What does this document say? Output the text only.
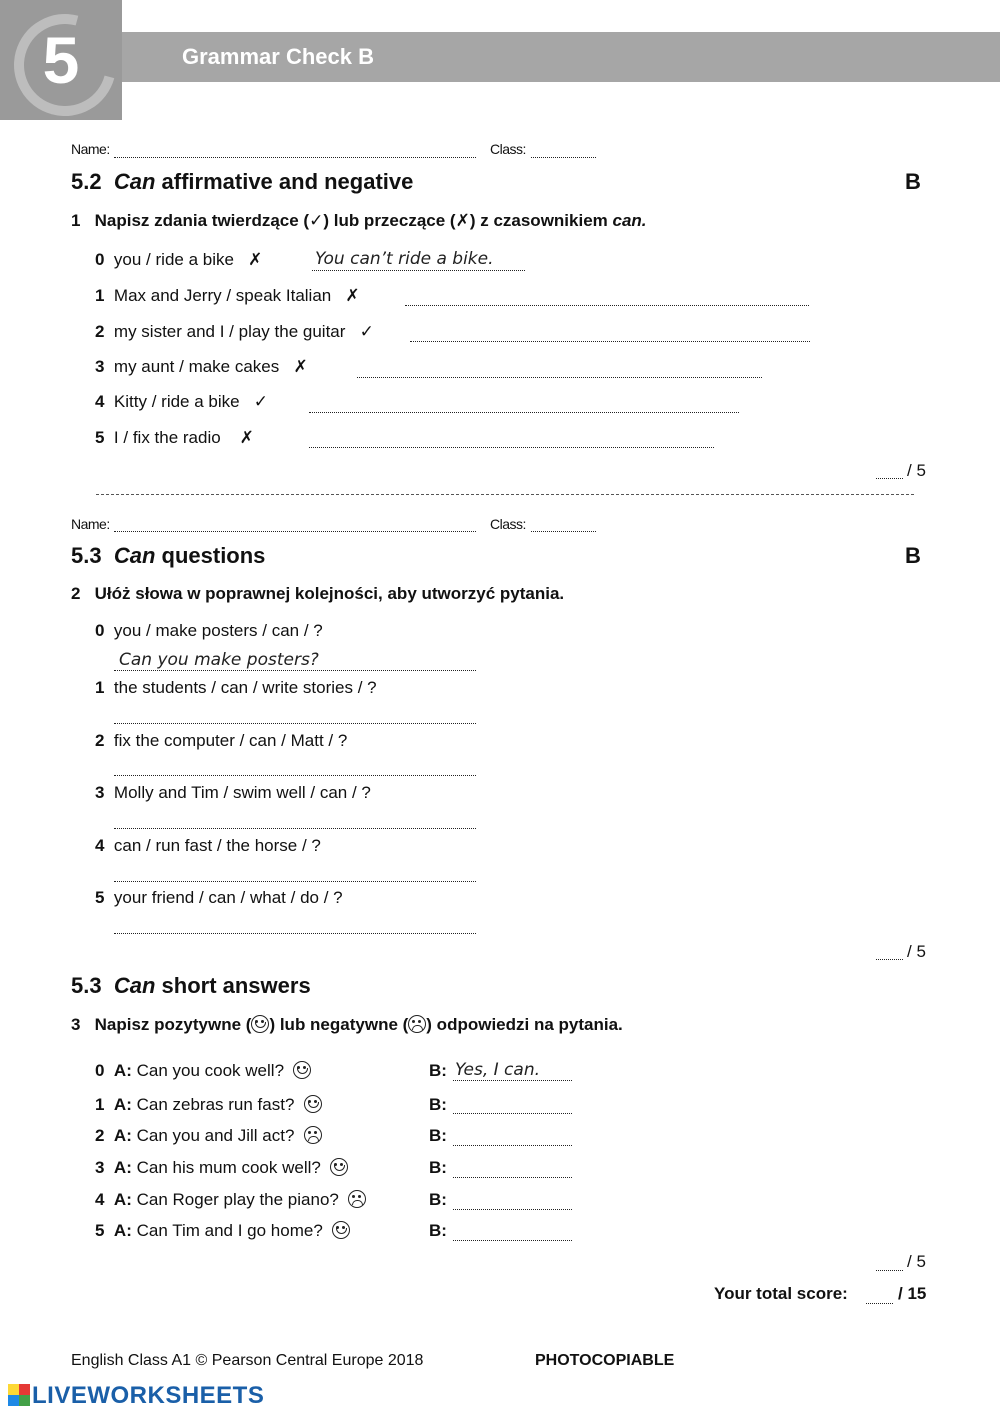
5	Grammar Check B
Name:	Class:
5.2 Can affirmative and negative	B
1 Napisz zdania twierdzące (✓) lub przeczące (✗) z czasownikiem can.
0 you / ride a bike ✗	You can’t ride a bike.
1 Max and Jerry / speak Italian ✗
2 my sister and I / play the guitar ✓
3 my aunt / make cakes ✗
4 Kitty / ride a bike ✓
5 I / fix the radio ✗
/ 5
Name:	Class:
5.3 Can questions	B
2 Ułóż słowa w poprawnej kolejności, aby utworzyć pytania.
0 you / make posters / can / ?
Can you make posters?
1 the students / can / write stories / ?
2 fix the computer / can / Matt / ?
3 Molly and Tim / swim well / can / ?
4 can / run fast / the horse / ?
5 your friend / can / what / do / ?
/ 5
5.3 Can short answers
3 Napisz pozytywne ( ) lub negatywne ( ) odpowiedzi na pytania.
0 A: Can you cook well?	B: Yes, I can.
1 A: Can zebras run fast?	B:
2 A: Can you and Jill act?	B:
3 A: Can his mum cook well?	B:
4 A: Can Roger play the piano?	B:
5 A: Can Tim and I go home?	B:
/ 5
Your total score:	/ 15
English Class A1 © Pearson Central Europe 2018	PHOTOCOPIABLE
LIVEWORKSHEETS
